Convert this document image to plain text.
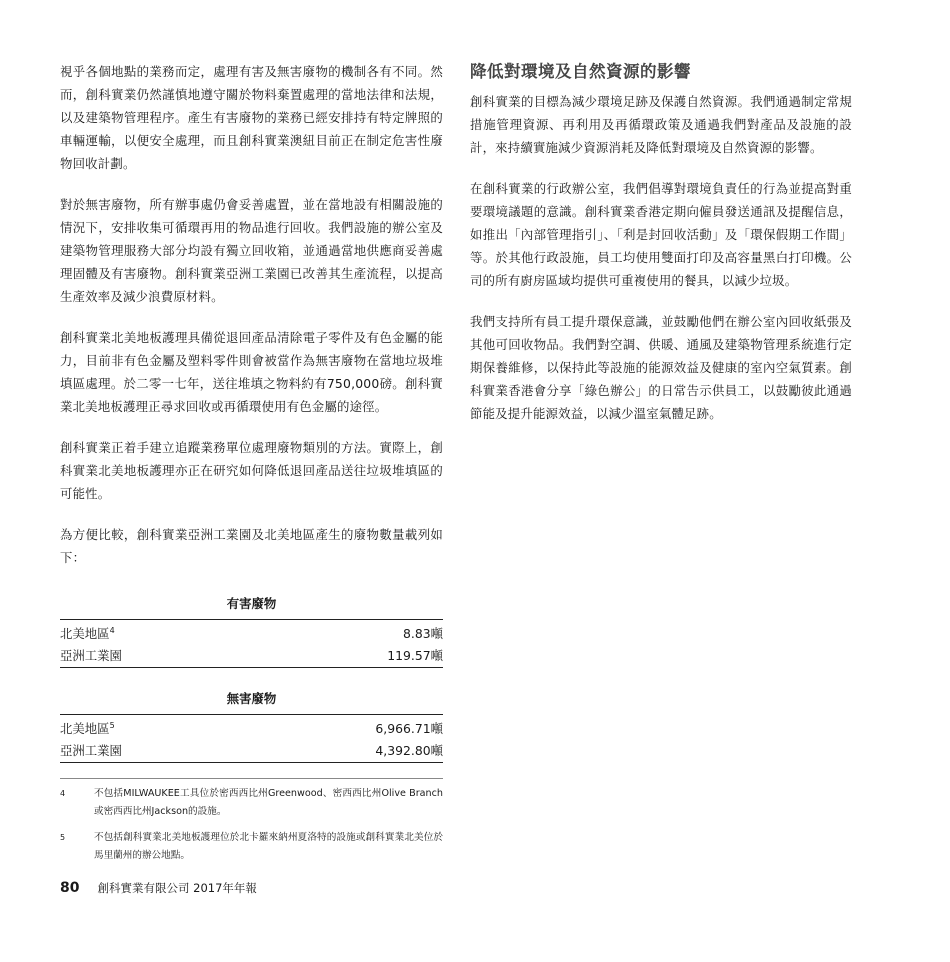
視乎各個地點的業務而定，處理有害及無害廢物的機制各有不同。然而，創科實業仍然謹慎地遵守關於物料棄置處理的當地法律和法規，以及建築物管理程序。產生有害廢物的業務已經安排持有特定牌照的車輛運輸，以便安全處理，而且創科實業澳紐目前正在制定危害性廢物回收計劃。

對於無害廢物，所有辦事處仍會妥善處置，並在當地設有相關設施的情況下，安排收集可循環再用的物品進行回收。我們設施的辦公室及建築物管理服務大部分均設有獨立回收箱，並通過當地供應商妥善處理固體及有害廢物。創科實業亞洲工業園已改善其生產流程，以提高生產效率及減少浪費原材料。

創科實業北美地板護理具備從退回產品清除電子零件及有色金屬的能力，目前非有色金屬及塑料零件則會被當作為無害廢物在當地垃圾堆填區處理。於二零一七年，送往堆填之物料約有750,000磅。創科實業北美地板護理正尋求回收或再循環使用有色金屬的途徑。

創科實業正着手建立追蹤業務單位處理廢物類別的方法。實際上，創科實業北美地板護理亦正在研究如何降低退回產品送往垃圾堆填區的可能性。

為方便比較，創科實業亞洲工業園及北美地區產生的廢物數量載列如下：

有害廢物
北美地區$^4$	8.83噸
亞洲工業園	119.57噸
無害廢物
北美地區$^5$	6,966.71噸
亞洲工業園	4,392.80噸
降低對環境及自然資源的影響

創科實業的目標為減少環境足跡及保護自然資源。我們通過制定常規措施管理資源、再利用及再循環政策及通過我們對產品及設施的設計，來持續實施減少資源消耗及降低對環境及自然資源的影響。

在創科實業的行政辦公室，我們倡導對環境負責任的行為並提高對重要環境議題的意識。創科實業香港定期向僱員發送通訊及提醒信息，如推出「內部管理指引」、「利是封回收活動」及「環保假期工作間」等。於其他行政設施，員工均使用雙面打印及高容量黑白打印機。公司的所有廚房區域均提供可重複使用的餐具，以減少垃圾。

我們支持所有員工提升環保意識，並鼓勵他們在辦公室內回收紙張及其他可回收物品。我們對空調、供暖、通風及建築物管理系統進行定期保養維修，以保持此等設施的能源效益及健康的室內空氣質素。創科實業香港會分享「綠色辦公」的日常告示供員工，以鼓勵彼此通過節能及提升能源效益，以減少溫室氣體足跡。

4	不包括MILWAUKEE工具位於密西西比州Greenwood、密西西比州Olive Branch或密西西比州Jackson的設施。
5	不包括創科實業北美地板護理位於北卡羅來納州夏洛特的設施或創科實業北美位於馬里蘭州的辦公地點。
80 創科實業有限公司 2017年年報
